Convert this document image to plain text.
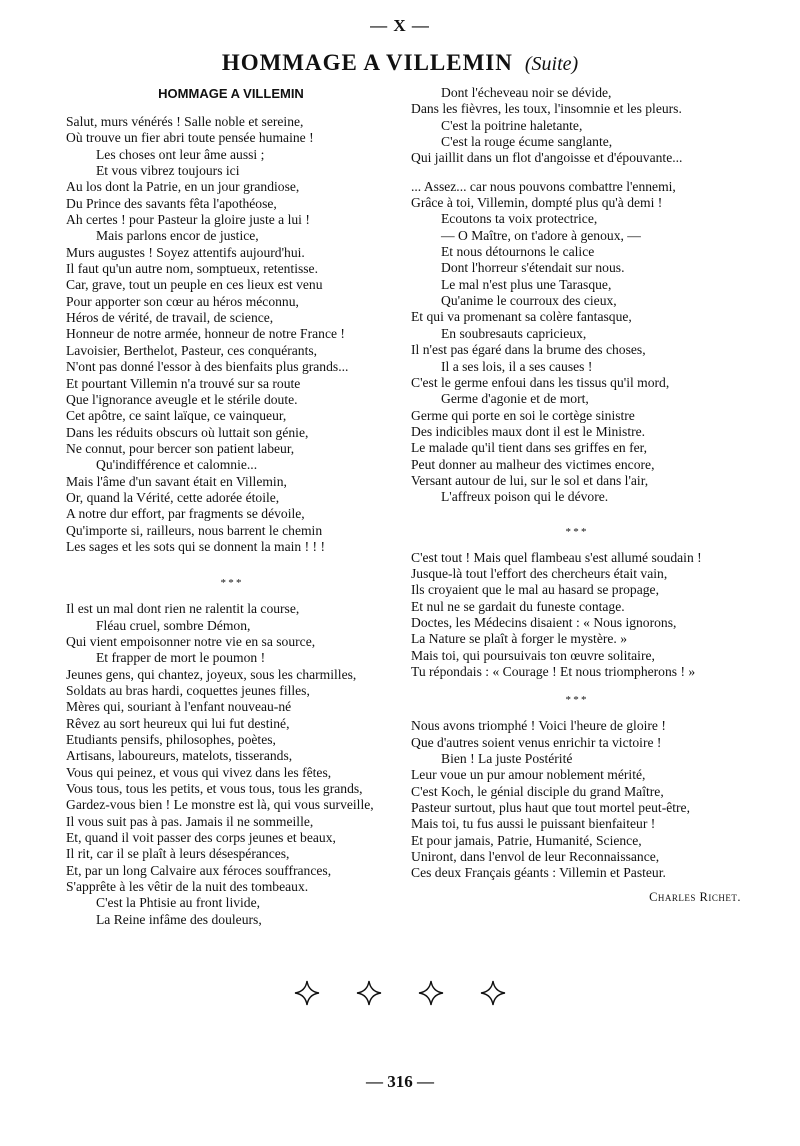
— X —
HOMMAGE A VILLEMIN (Suite)
HOMMAGE A VILLEMIN
Salut, murs vénérés ! Salle noble et sereine,
Où trouve un fier abri toute pensée humaine !
Les choses ont leur âme aussi ;
Et vous vibrez toujours ici
Au los dont la Patrie, en un jour grandiose,
Du Prince des savants fêta l'apothéose,
Ah certes ! pour Pasteur la gloire juste a lui !
Mais parlons encor de justice,
Murs augustes ! Soyez attentifs aujourd'hui.
Il faut qu'un autre nom, somptueux, retentisse.
Car, grave, tout un peuple en ces lieux est venu
Pour apporter son cœur au héros méconnu,
Héros de vérité, de travail, de science,
Honneur de notre armée, honneur de notre France !
Lavoisier, Berthelot, Pasteur, ces conquérants,
N'ont pas donné l'essor à des bienfaits plus grands...
Et pourtant Villemin n'a trouvé sur sa route
Que l'ignorance aveugle et le stérile doute.
Cet apôtre, ce saint laïque, ce vainqueur,
Dans les réduits obscurs où luttait son génie,
Ne connut, pour bercer son patient labeur,
Qu'indifférence et calomnie...
Mais l'âme d'un savant était en Villemin,
Or, quand la Vérité, cette adorée étoile,
A notre dur effort, par fragments se dévoile,
Qu'importe si, railleurs, nous barrent le chemin
Les sages et les sots qui se donnent la main ! ! !
* * *
Il est un mal dont rien ne ralentit la course,
Fléau cruel, sombre Démon,
Qui vient empoisonner notre vie en sa source,
Et frapper de mort le poumon !
Jeunes gens, qui chantez, joyeux, sous les charmilles,
Soldats au bras hardi, coquettes jeunes filles,
Mères qui, souriant à l'enfant nouveau-né
Rêvez au sort heureux qui lui fut destiné,
Etudiants pensifs, philosophes, poètes,
Artisans, laboureurs, matelots, tisserands,
Vous qui peinez, et vous qui vivez dans les fêtes,
Vous tous, tous les petits, et vous tous, tous les grands,
Gardez-vous bien ! Le monstre est là, qui vous surveille,
Il vous suit pas à pas. Jamais il ne sommeille,
Et, quand il voit passer des corps jeunes et beaux,
Il rit, car il se plaît à leurs désespérances,
Et, par un long Calvaire aux féroces souffrances,
S'apprête à les vêtir de la nuit des tombeaux.
C'est la Phtisie au front livide,
La Reine infâme des douleurs,
Dont l'écheveau noir se dévide,
Dans les fièvres, les toux, l'insomnie et les pleurs.
C'est la poitrine haletante,
C'est la rouge écume sanglante,
Qui jaillit dans un flot d'angoisse et d'épouvante...
... Assez... car nous pouvons combattre l'ennemi,
Grâce à toi, Villemin, dompté plus qu'à demi !
Ecoutons ta voix protectrice,
— O Maître, on t'adore à genoux, —
Et nous détournons le calice
Dont l'horreur s'étendait sur nous.
Le mal n'est plus une Tarasque,
Qu'anime le courroux des cieux,
Et qui va promenant sa colère fantasque,
En soubresauts capricieux,
Il n'est pas égaré dans la brume des choses,
Il a ses lois, il a ses causes !
C'est le germe enfoui dans les tissus qu'il mord,
Germe d'agonie et de mort,
Germe qui porte en soi le cortège sinistre
Des indicibles maux dont il est le Ministre.
Le malade qu'il tient dans ses griffes en fer,
Peut donner au malheur des victimes encore,
Versant autour de lui, sur le sol et dans l'air,
L'affreux poison qui le dévore.
* * *
C'est tout ! Mais quel flambeau s'est allumé soudain !
Jusque-là tout l'effort des chercheurs était vain,
Ils croyaient que le mal au hasard se propage,
Et nul ne se gardait du funeste contage.
Doctes, les Médecins disaient : « Nous ignorons,
La Nature se plaît à forger le mystère. »
Mais toi, qui poursuivais ton œuvre solitaire,
Tu répondais : « Courage ! Et nous triompherons ! »
* * *
Nous avons triomphé ! Voici l'heure de gloire !
Que d'autres soient venus enrichir ta victoire !
Bien ! La juste Postérité
Leur voue un pur amour noblement mérité,
C'est Koch, le génial disciple du grand Maître,
Pasteur surtout, plus haut que tout mortel peut-être,
Mais toi, tu fus aussi le puissant bienfaiteur !
Et pour jamais, Patrie, Humanité, Science,
Uniront, dans l'envol de leur Reconnaissance,
Ces deux Français géants : Villemin et Pasteur.
Charles Richet.

— 316 —
